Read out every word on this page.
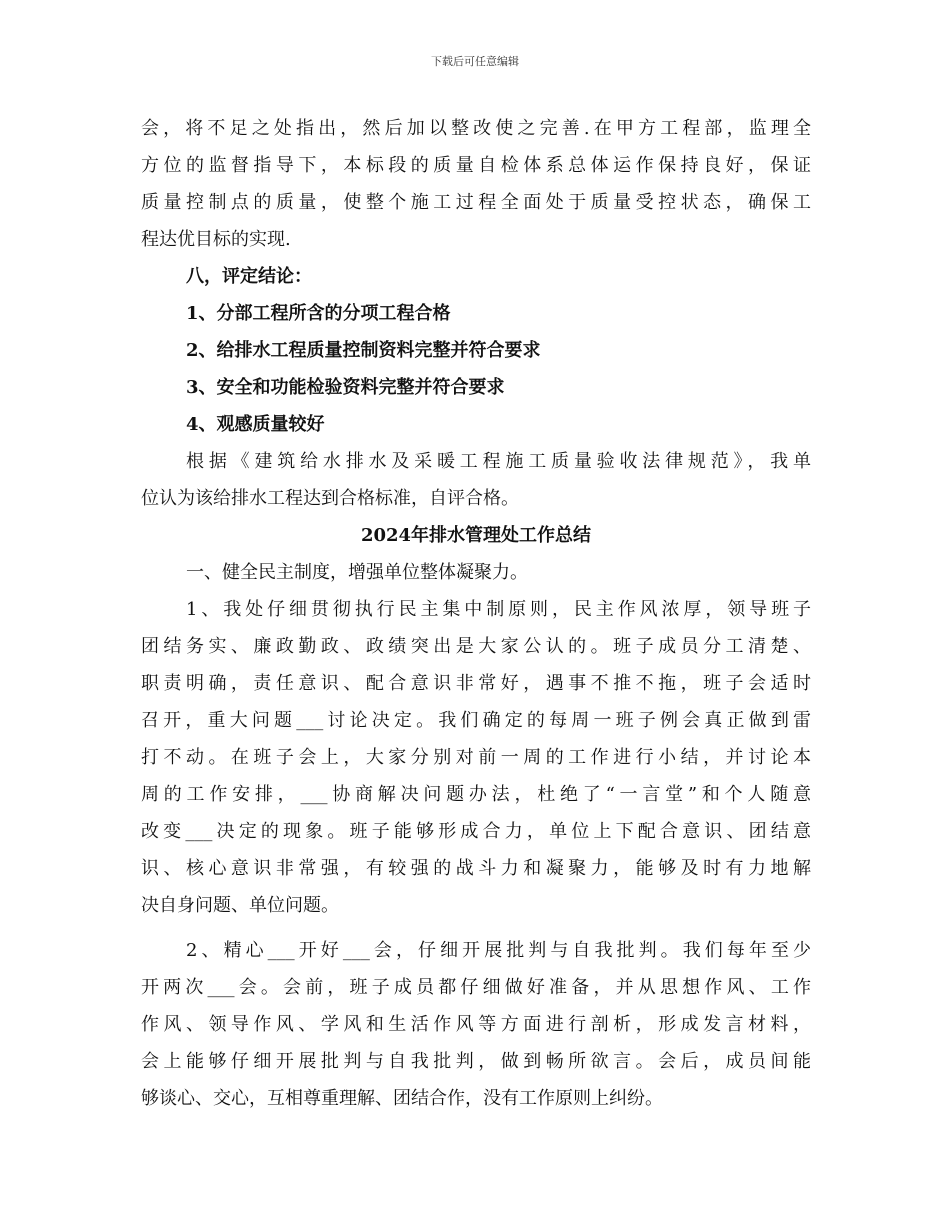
下载后可任意编辑
会，将不足之处指出，然后加以整改使之完善.在甲方工程部，监理全
方位的监督指导下，本标段的质量自检体系总体运作保持良好，保证
质量控制点的质量，使整个施工过程全面处于质量受控状态，确保工
程达优目标的实现.
八，评定结论：
1、分部工程所含的分项工程合格
2、给排水工程质量控制资料完整并符合要求
3、安全和功能检验资料完整并符合要求
4、观感质量较好
根据《建筑给水排水及采暖工程施工质量验收法律规范》，我单
位认为该给排水工程达到合格标准，自评合格。
2024年排水管理处工作总结
一、健全民主制度，增强单位整体凝聚力。
1、我处仔细贯彻执行民主集中制原则，民主作风浓厚，领导班子
团结务实、廉政勤政、政绩突出是大家公认的。班子成员分工清楚、
职责明确，责任意识、配合意识非常好，遇事不推不拖，班子会适时
召开，重大问题___讨论决定。我们确定的每周一班子例会真正做到雷
打不动。在班子会上，大家分别对前一周的工作进行小结，并讨论本
周的工作安排，___协商解决问题办法，杜绝了“一言堂”和个人随意
改变___决定的现象。班子能够形成合力，单位上下配合意识、团结意
识、核心意识非常强，有较强的战斗力和凝聚力，能够及时有力地解
决自身问题、单位问题。
2、精心___开好___会，仔细开展批判与自我批判。我们每年至少
开两次___会。会前，班子成员都仔细做好准备，并从思想作风、工作
作风、领导作风、学风和生活作风等方面进行剖析，形成发言材料，
会上能够仔细开展批判与自我批判，做到畅所欲言。会后，成员间能
够谈心、交心，互相尊重理解、团结合作，没有工作原则上纠纷。
